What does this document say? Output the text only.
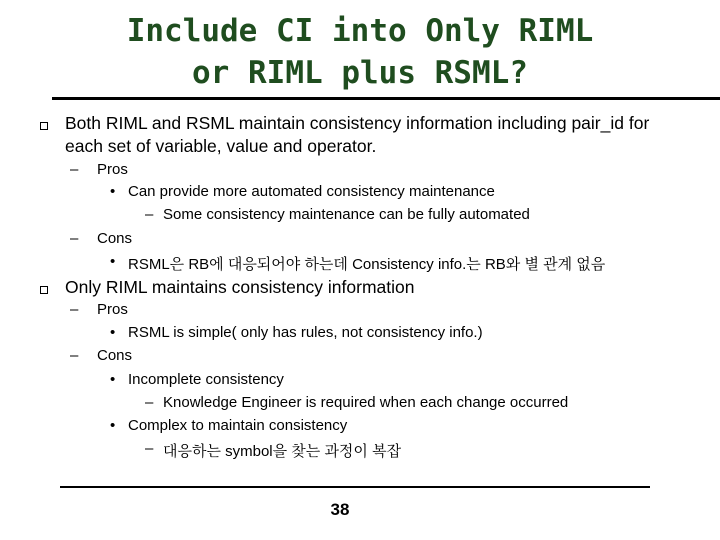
Include CI into Only RIML
or RIML plus RSML?
Both RIML and RSML maintain consistency information including pair_id for
each set of variable, value and operator.
– Pros
• Can provide more automated consistency maintenance
– Some consistency maintenance can be fully automated
– Cons
• RSML은 RB에 대응되어야 하는데 Consistency info.는 RB와 별 관계 없음
Only RIML maintains consistency information
– Pros
• RSML is simple( only has rules, not consistency info.)
– Cons
• Incomplete consistency
– Knowledge Engineer is required when each change occurred
• Complex to maintain consistency
– 대응하는 symbol을 찾는 과정이 복잡
38
